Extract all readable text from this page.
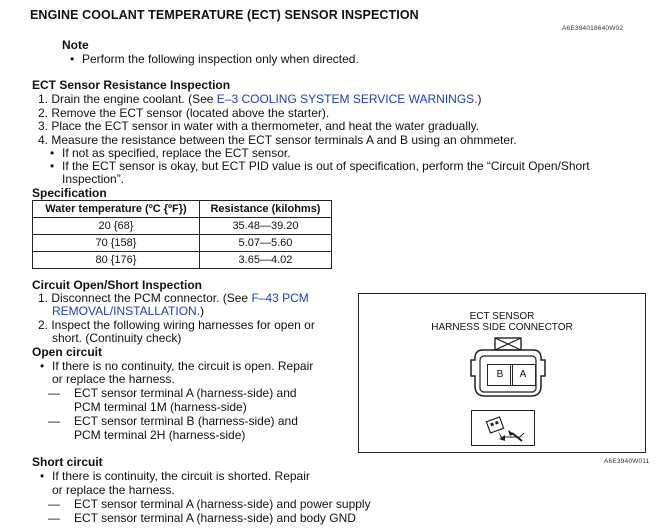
ENGINE COOLANT TEMPERATURE (ECT) SENSOR INSPECTION
A6E394018640W02
Note
• Perform the following inspection only when directed.
ECT Sensor Resistance Inspection
1. Drain the engine coolant. (See E–3 COOLING SYSTEM SERVICE WARNINGS.)
2. Remove the ECT sensor (located above the starter).
3. Place the ECT sensor in water with a thermometer, and heat the water gradually.
4. Measure the resistance between the ECT sensor terminals A and B using an ohmmeter.
• If not as specified, replace the ECT sensor.
• If the ECT sensor is okay, but ECT PID value is out of specification, perform the “Circuit Open/Short
Inspection”.
Specification
Water temperature (ºC {ºF})	Resistance (kilohms)
20 {68}	35.48—39.20
70 {158}	5.07—5.60
80 {176}	3.65—4.02
Circuit Open/Short Inspection
1. Disconnect the PCM connector. (See F–43 PCM
REMOVAL/INSTALLATION.)
2. Inspect the following wiring harnesses for open or
short. (Continuity check)
Open circuit
• If there is no continuity, the circuit is open. Repair
or replace the harness.
— ECT sensor terminal A (harness-side) and
PCM terminal 1M (harness-side)
— ECT sensor terminal B (harness-side) and
PCM terminal 2H (harness-side)
Short circuit
• If there is continuity, the circuit is shorted. Repair
or replace the harness.
— ECT sensor terminal A (harness-side) and power supply
— ECT sensor terminal A (harness-side) and body GND
ECT SENSOR
HARNESS SIDE CONNECTOR
B	A
A6E3940W011
